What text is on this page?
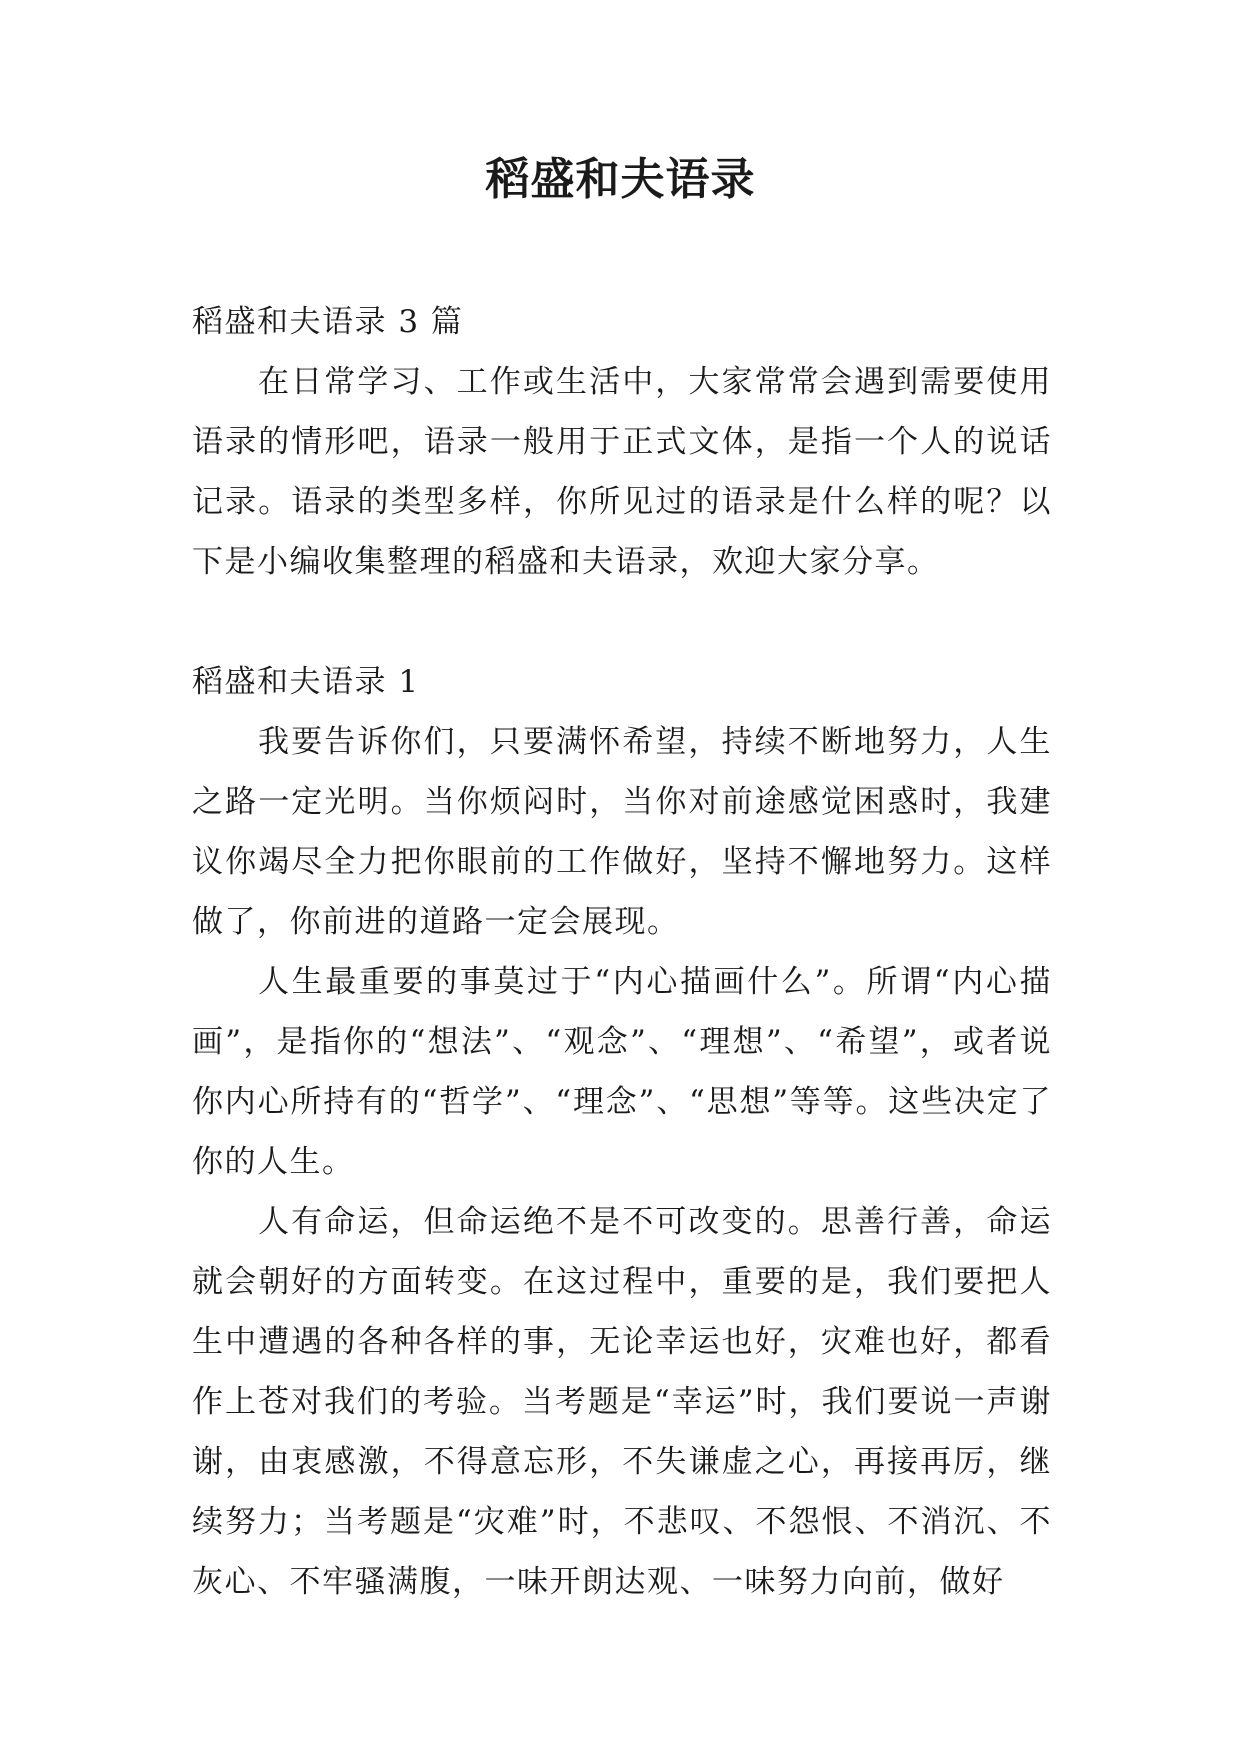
稻盛和夫语录

稻盛和夫语录 3 篇

在日常学习、工作或生活中，大家常常会遇到需要使用语录的情形吧，语录一般用于正式文体，是指一个人的说话记录。语录的类型多样，你所见过的语录是什么样的呢？以下是小编收集整理的稻盛和夫语录，欢迎大家分享。

稻盛和夫语录 1

我要告诉你们，只要满怀希望，持续不断地努力，人生之路一定光明。当你烦闷时，当你对前途感觉困惑时，我建议你竭尽全力把你眼前的工作做好，坚持不懈地努力。这样做了，你前进的道路一定会展现。

人生最重要的事莫过于“内心描画什么”。所谓“内心描画”，是指你的“想法”、“观念”、“理想”、“希望”，或者说你内心所持有的“哲学”、“理念”、“思想”等等。这些决定了你的人生。

人有命运，但命运绝不是不可改变的。思善行善，命运就会朝好的方面转变。在这过程中，重要的是，我们要把人生中遭遇的各种各样的事，无论幸运也好，灾难也好，都看作上苍对我们的考验。当考题是“幸运”时，我们要说一声谢谢，由衷感激，不得意忘形，不失谦虚之心，再接再厉，继续努力；当考题是“灾难”时，不悲叹、不怨恨、不消沉、不灰心、不牢骚满腹，一味开朗达观、一味努力向前，做好
